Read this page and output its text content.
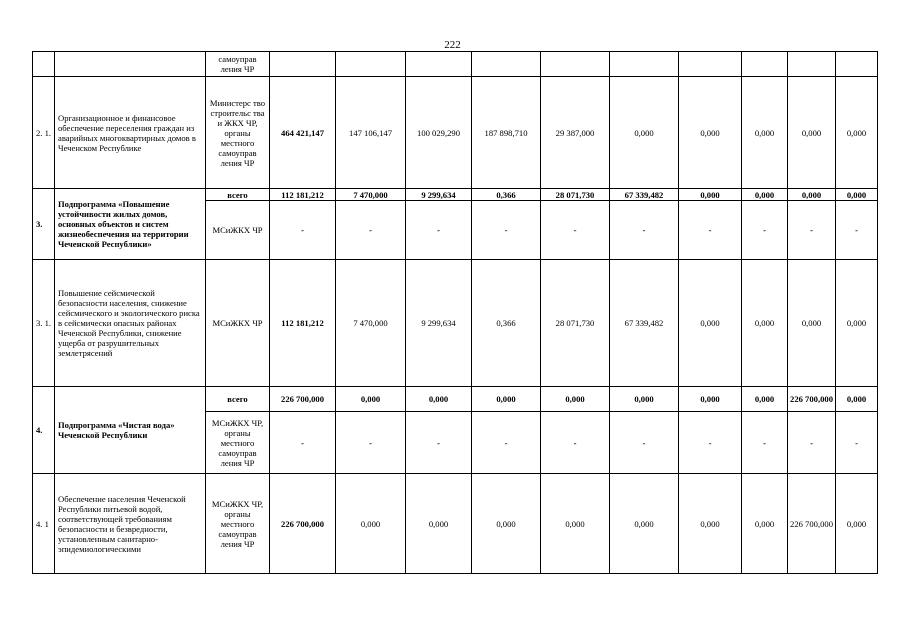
222
		самоуправ ления ЧР										
2. 1.	Организационное и финансовое обеспечение переселения граждан из аварийных многоквартирных домов в Чеченском Республике	Министерс тво строительс тва и ЖКХ ЧР, органы местного самоуправ ления ЧР	464 421,147	147 106,147	100 029,290	187 898,710	29 387,000	0,000	0,000	0,000	0,000	0,000
3.	Подпрограмма «Повышение устойчивости жилых домов, основных объектов и систем жизнеобеспечения на территории Чеченской Республики»	всего	112 181,212	7 470,000	9 299,634	0,366	28 071,730	67 339,482	0,000	0,000	0,000	0,000
		МСиЖКХ ЧР	-	-	-	-	-	-	-	-	-	-
3. 1.	Повышение сейсмической безопасности населения, снижение сейсмического и экологического риска в сейсмически опасных районах Чеченской Республики, снижение ущерба от разрушительных землетрясений	МСиЖКХ ЧР	112 181,212	7 470,000	9 299,634	0,366	28 071,730	67 339,482	0,000	0,000	0,000	0,000
4.	Подпрограмма «Чистая вода» Чеченской Республики	всего	226 700,000	0,000	0,000	0,000	0,000	0,000	0,000	0,000	226 700,000	0,000
		МСиЖКХ ЧР, органы местного самоуправ ления ЧР	-	-	-	-	-	-	-	-	-	-
4. 1	Обеспечение населения Чеченской Республики питьевой водой, соответствующей требованиям безопасности и безвредности, установленным санитарно-эпидемиологическими	МСиЖКХ ЧР, органы местного самоуправ ления ЧР	226 700,000	0,000	0,000	0,000	0,000	0,000	0,000	0,000	226 700,000	0,000
